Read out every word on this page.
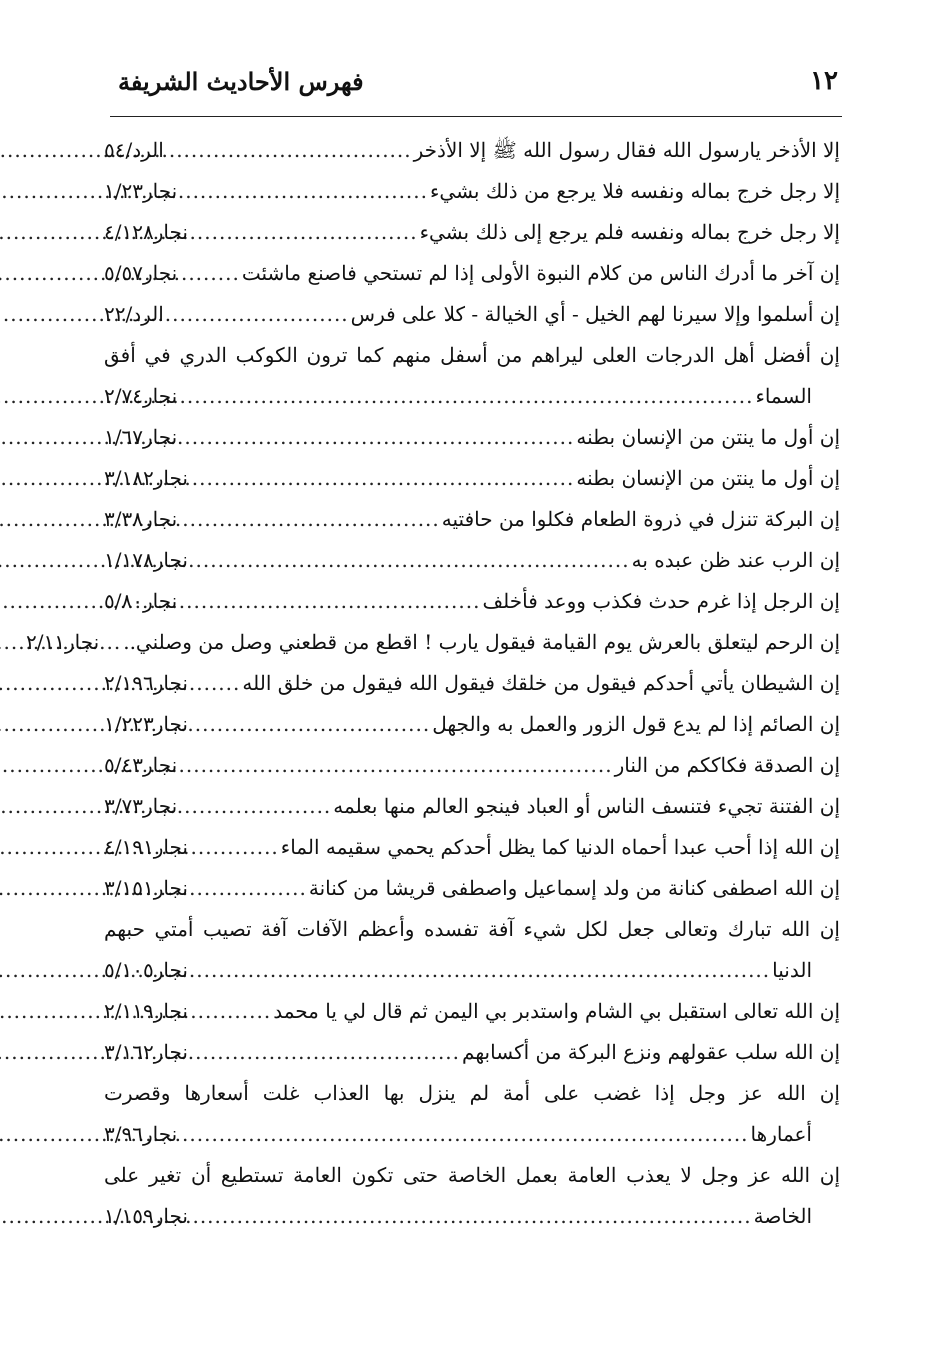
فهرس الأحاديث الشريفة	١٢
إلا الأذخر يارسول الله فقال رسول الله ﷺ إلا الأذخر
.....
الرد/٥٤
إلا رجل خرج بماله ونفسه فلا يرجع من ذلك بشيء
.....
نجار١/٢٣
إلا رجل خرج بماله ونفسه فلم يرجع إلى ذلك بشيء
.....
نجار٤/١٢٨
إن آخر ما أدرك الناس من كلام النبوة الأولى إذا لم تستحي فاصنع ماشئت
.....
نجار٥/٥٧
إن أسلموا وإلا سيرنا لهم الخيل - أي الخيالة - كلا على فرس
.....
الرد/٢٢
إن أفضل أهل الدرجات العلى ليراهم من أسفل منهم كما ترون الكوكب الدري في أفق
السماء
.....
نجار٢/٧٤
إن أول ما ينتن من الإنسان بطنه
.....
نجار١/٦٧
إن أول ما ينتن من الإنسان بطنه
.....
نجار٣/١٨٢
إن البركة تنزل في ذروة الطعام فكلوا من حافتيه
.....
نجار٣/٣٨
إن الرب عند ظن عبده به
.....
نجار١/١٧٨
إن الرجل إذا غرم حدث فكذب ووعد فأخلف
.....
نجار٥/٨٠
إن الرحم ليتعلق بالعرش يوم القيامة فيقول يارب ! اقطع من قطعني وصل من وصلني..
.....
نجار٢/١١
إن الشيطان يأتي أحدكم فيقول من خلقك فيقول الله فيقول من خلق الله
.....
نجار٢/١٩٦
إن الصائم إذا لم يدع قول الزور والعمل به والجهل
.....
نجار١/٢٢٣
إن الصدقة فكاككم من النار
.....
نجار٥/٤٣
إن الفتنة تجيء فتنسف الناس أو العباد فينجو العالم منها بعلمه
.....
نجار٣/٧٣
إن الله إذا أحب عبدا أحماه الدنيا كما يظل أحدكم يحمي سقيمه الماء
.....
نجار٤/١٩١
إن الله اصطفى كنانة من ولد إسماعيل واصطفى قريشا من كنانة
.....
نجار٣/١٥١
إن الله تبارك وتعالى جعل لكل شيء آفة تفسده وأعظم الآفات آفة تصيب أمتي حبهم
الدنيا
.....
نجار٥/١٠٥
إن الله تعالى استقبل بي الشام واستدبر بي اليمن ثم قال لي يا محمد
.....
نجار٢/١١٩
إن الله سلب عقولهم ونزع البركة من أكسابهم
.....
نجار٣/١٦٢
إن الله عز وجل إذا غضب على أمة لم ينزل بها العذاب غلت أسعارها وقصرت
أعمارها
.....
نجار٣/٩٦
إن الله عز وجل لا يعذب العامة بعمل الخاصة حتى تكون العامة تستطيع أن تغير على
الخاصة
.....
نجار١/١٥٩
